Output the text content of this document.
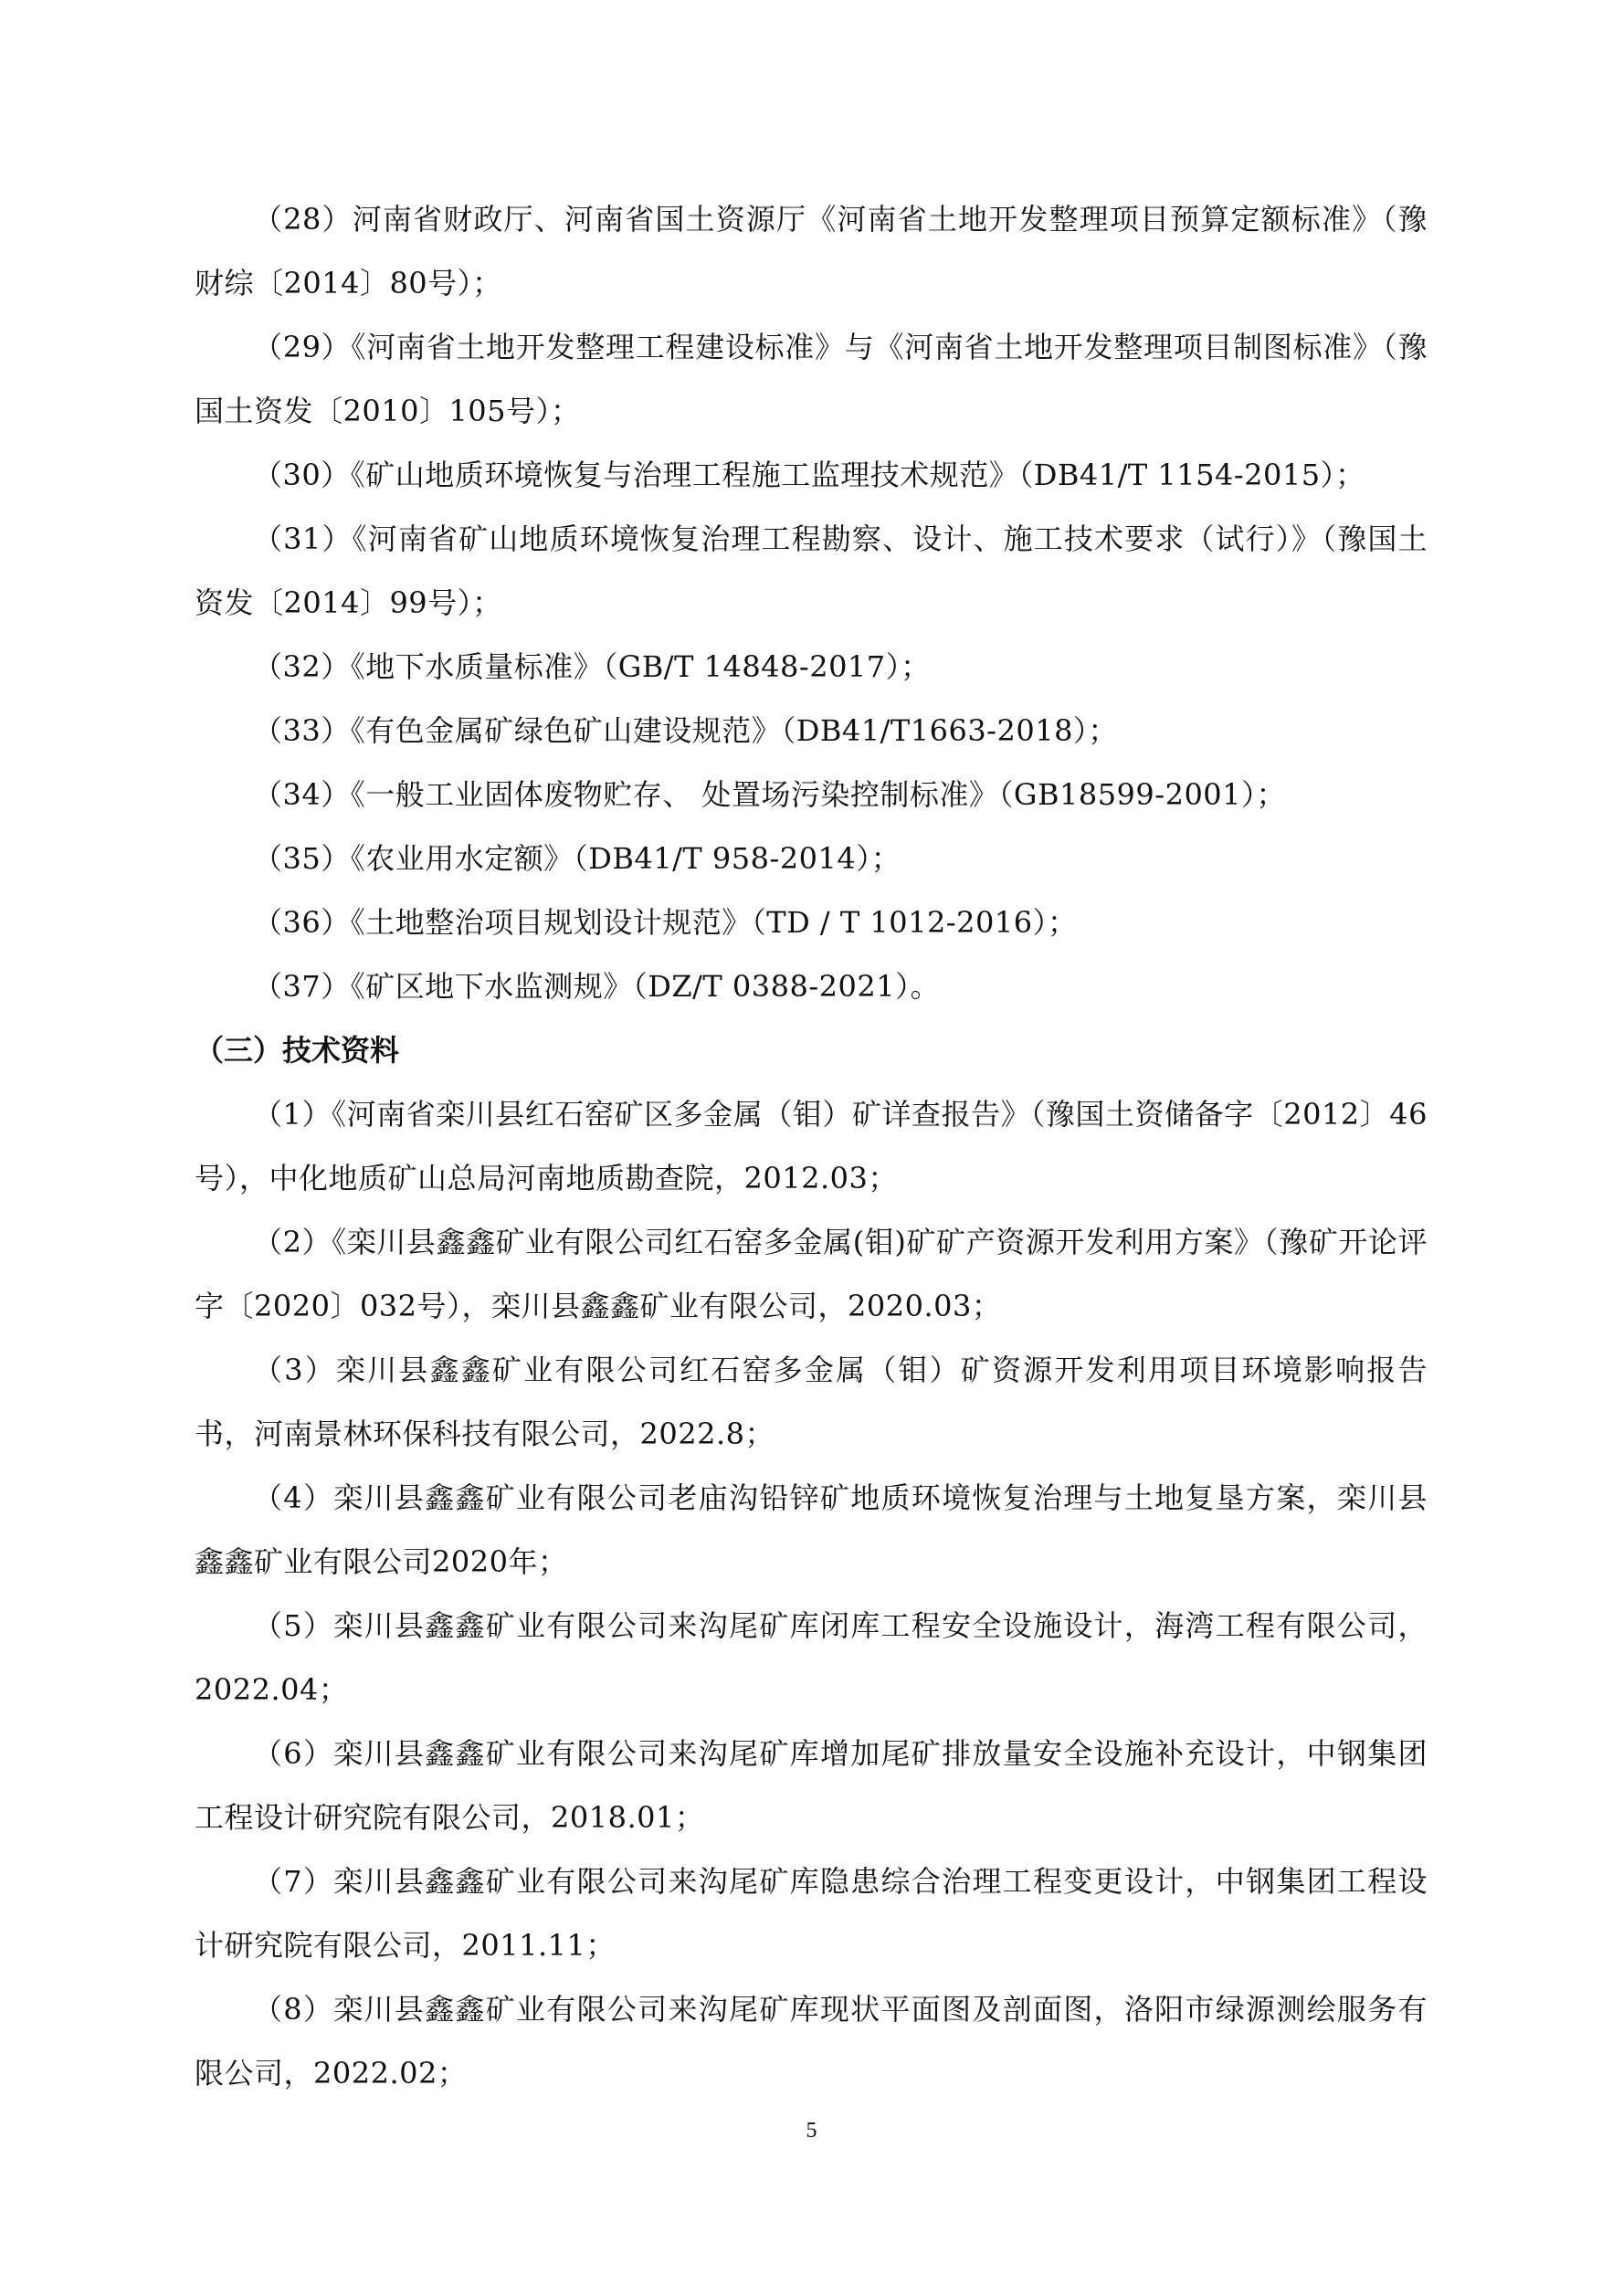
（28）河南省财政厅、河南省国土资源厅《河南省土地开发整理项目预算定额标准》（豫财综〔2014〕80号）；

（29）《河南省土地开发整理工程建设标准》与《河南省土地开发整理项目制图标准》（豫国土资发〔2010〕105号）；

（30）《矿山地质环境恢复与治理工程施工监理技术规范》（DB41/T 1154-2015）；

（31）《河南省矿山地质环境恢复治理工程勘察、设计、施工技术要求（试行）》（豫国土资发〔2014〕99号）；

（32）《地下水质量标准》（GB/T 14848-2017）；

（33）《有色金属矿绿色矿山建设规范》（DB41/T1663-2018）；

（34）《一般工业固体废物贮存、 处置场污染控制标准》（GB18599-2001）；

（35）《农业用水定额》（DB41/T 958-2014）；

（36）《土地整治项目规划设计规范》（TD / T 1012-2016）；

（37）《矿区地下水监测规》（DZ/T 0388-2021）。

（三）技术资料

（1）《河南省栾川县红石窑矿区多金属（钼）矿详查报告》（豫国土资储备字〔2012〕46号），中化地质矿山总局河南地质勘查院，2012.03；

（2）《栾川县鑫鑫矿业有限公司红石窑多金属(钼)矿矿产资源开发利用方案》（豫矿开论评字〔2020〕032号），栾川县鑫鑫矿业有限公司，2020.03；

（3）栾川县鑫鑫矿业有限公司红石窑多金属（钼）矿资源开发利用项目环境影响报告书，河南景林环保科技有限公司，2022.8；

（4）栾川县鑫鑫矿业有限公司老庙沟铅锌矿地质环境恢复治理与土地复垦方案，栾川县鑫鑫矿业有限公司2020年；

（5）栾川县鑫鑫矿业有限公司来沟尾矿库闭库工程安全设施设计，海湾工程有限公司，2022.04；

（6）栾川县鑫鑫矿业有限公司来沟尾矿库增加尾矿排放量安全设施补充设计，中钢集团工程设计研究院有限公司，2018.01；

（7）栾川县鑫鑫矿业有限公司来沟尾矿库隐患综合治理工程变更设计，中钢集团工程设计研究院有限公司，2011.11；

（8）栾川县鑫鑫矿业有限公司来沟尾矿库现状平面图及剖面图，洛阳市绿源测绘服务有限公司，2022.02；

5
